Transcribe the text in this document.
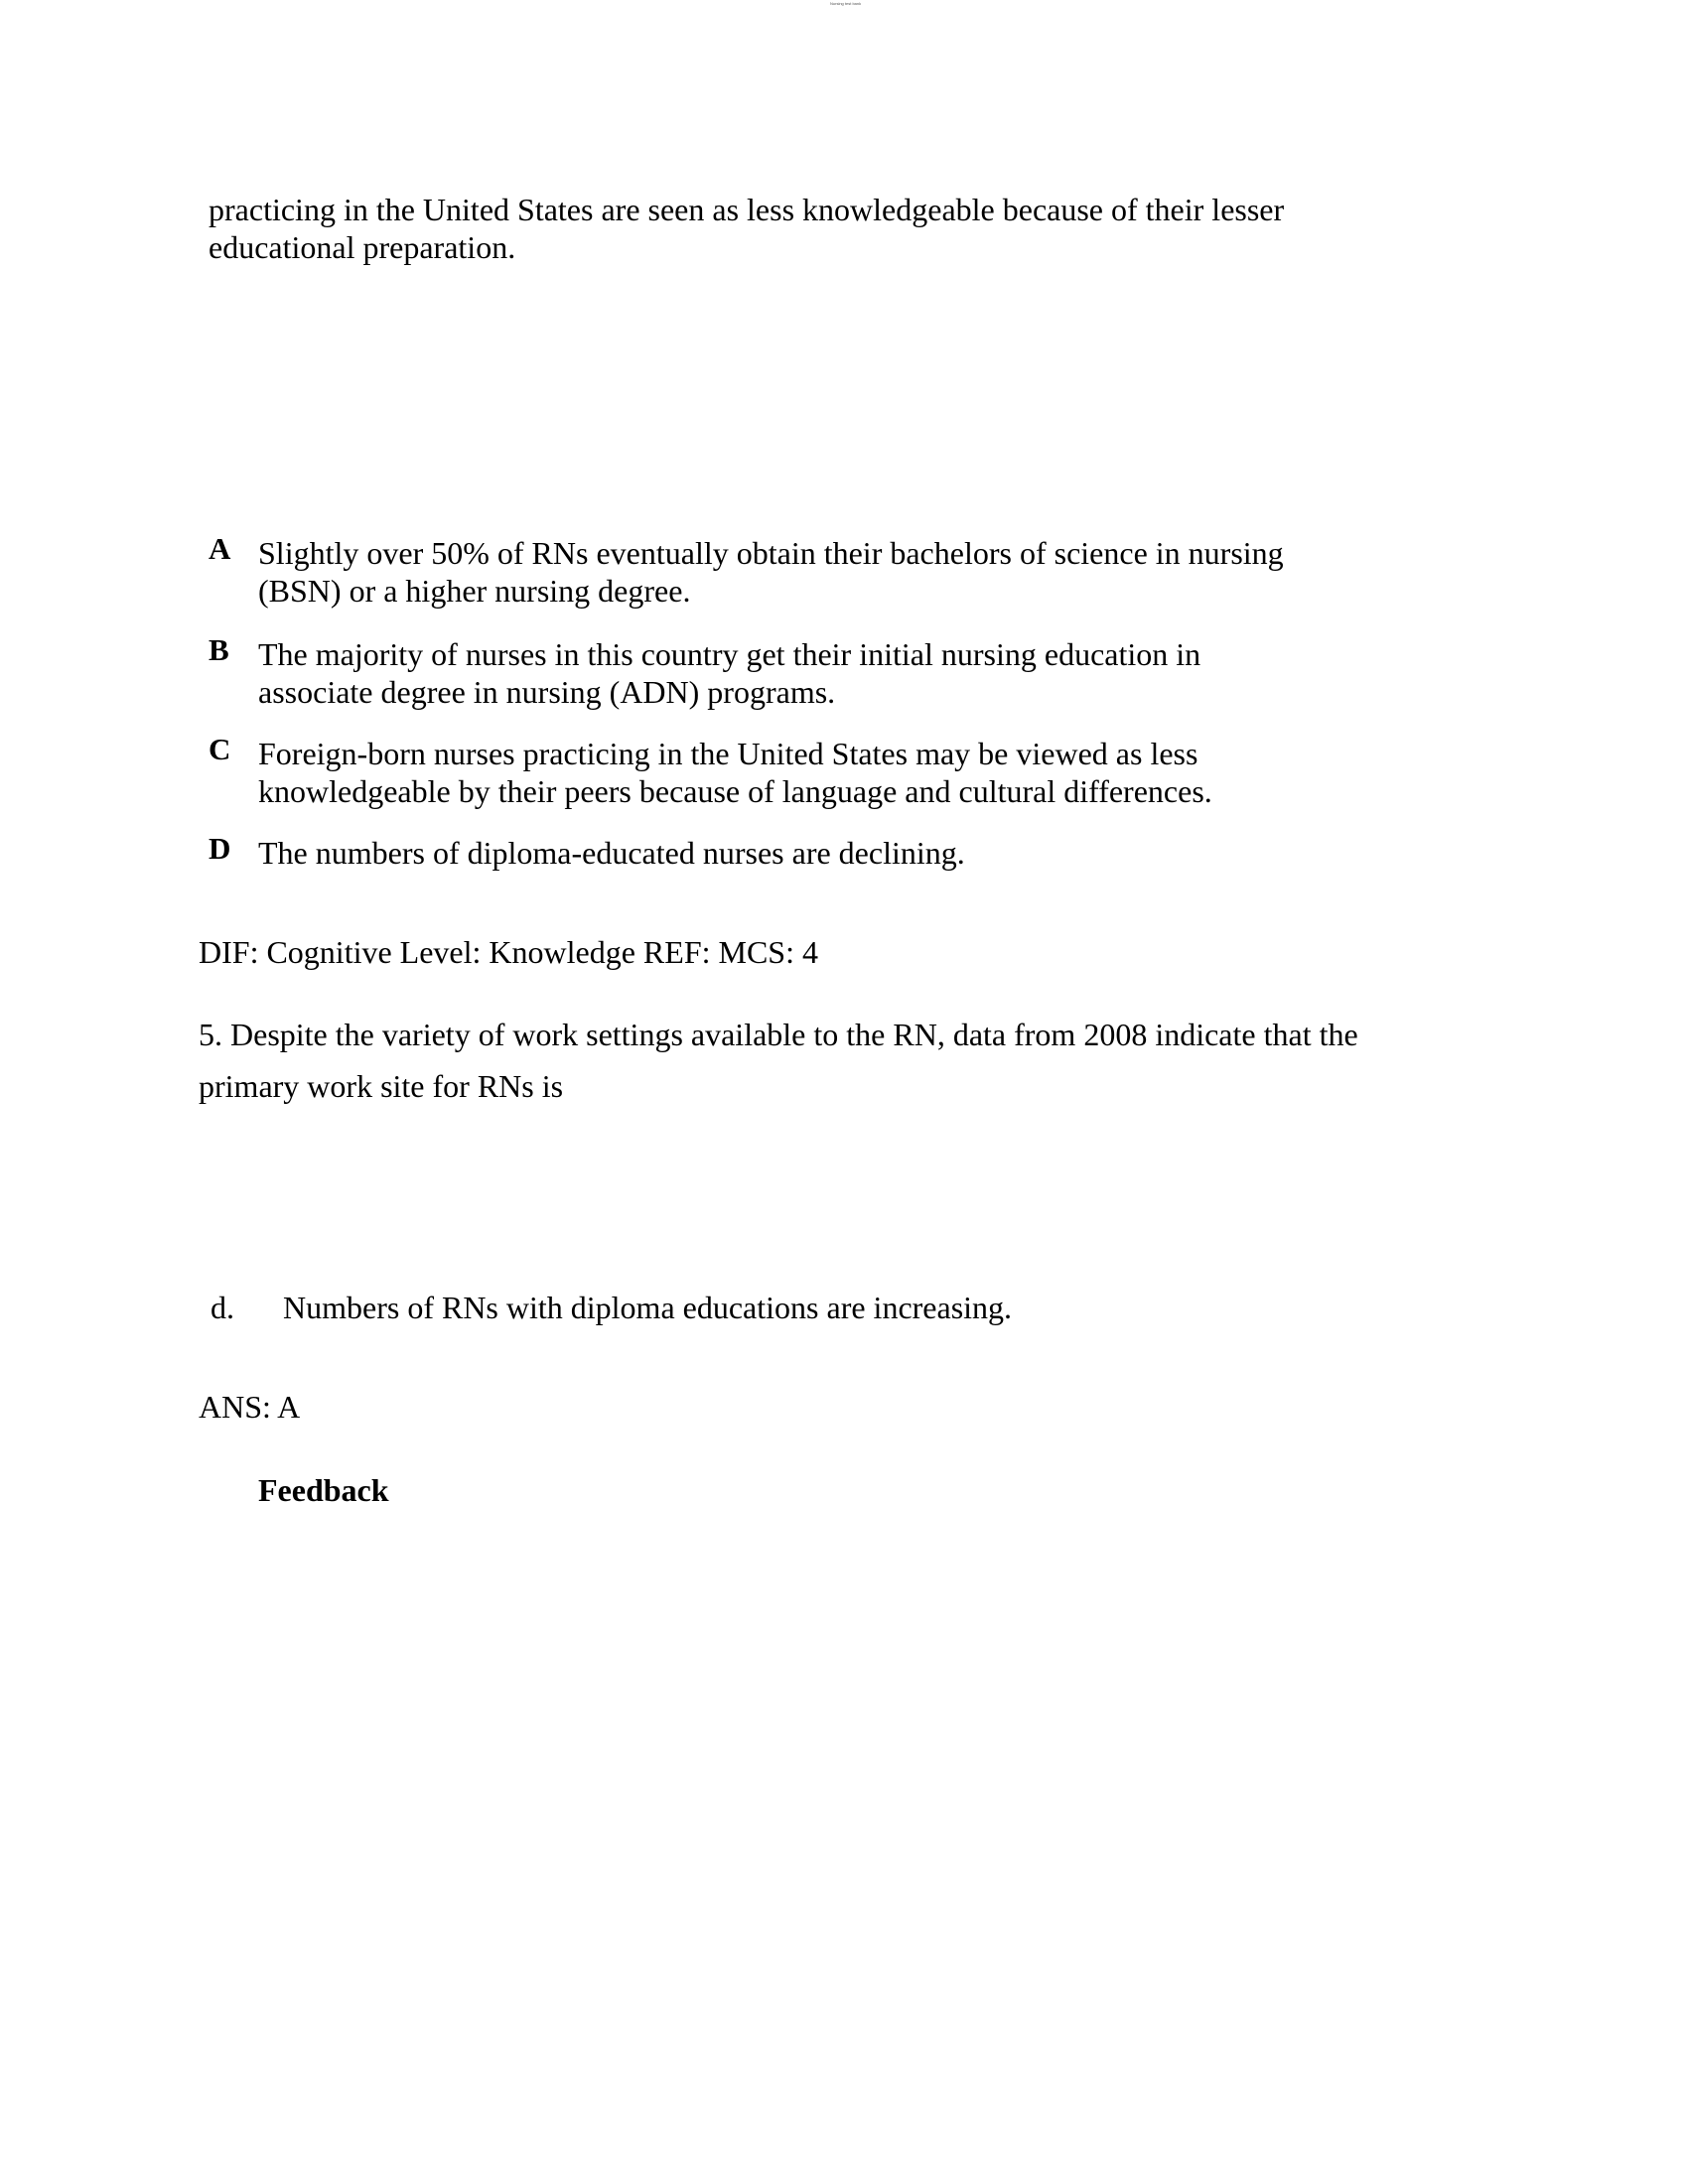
Nursing test bank
practicing in the United States are seen as less knowledgeable because of their lesser
educational preparation.
A Slightly over 50% of RNs eventually obtain their bachelors of science in nursing
(BSN) or a higher nursing degree.
B The majority of nurses in this country get their initial nursing education in
associate degree in nursing (ADN) programs.
C Foreign-born nurses practicing in the United States may be viewed as less
knowledgeable by their peers because of language and cultural differences.
D The numbers of diploma-educated nurses are declining.

DIF: Cognitive Level: Knowledge REF: MCS: 4

5. Despite the variety of work settings available to the RN, data from 2008 indicate that the
primary work site for RNs is
d. Numbers of RNs with diploma educations are increasing.

ANS: A

Feedback
